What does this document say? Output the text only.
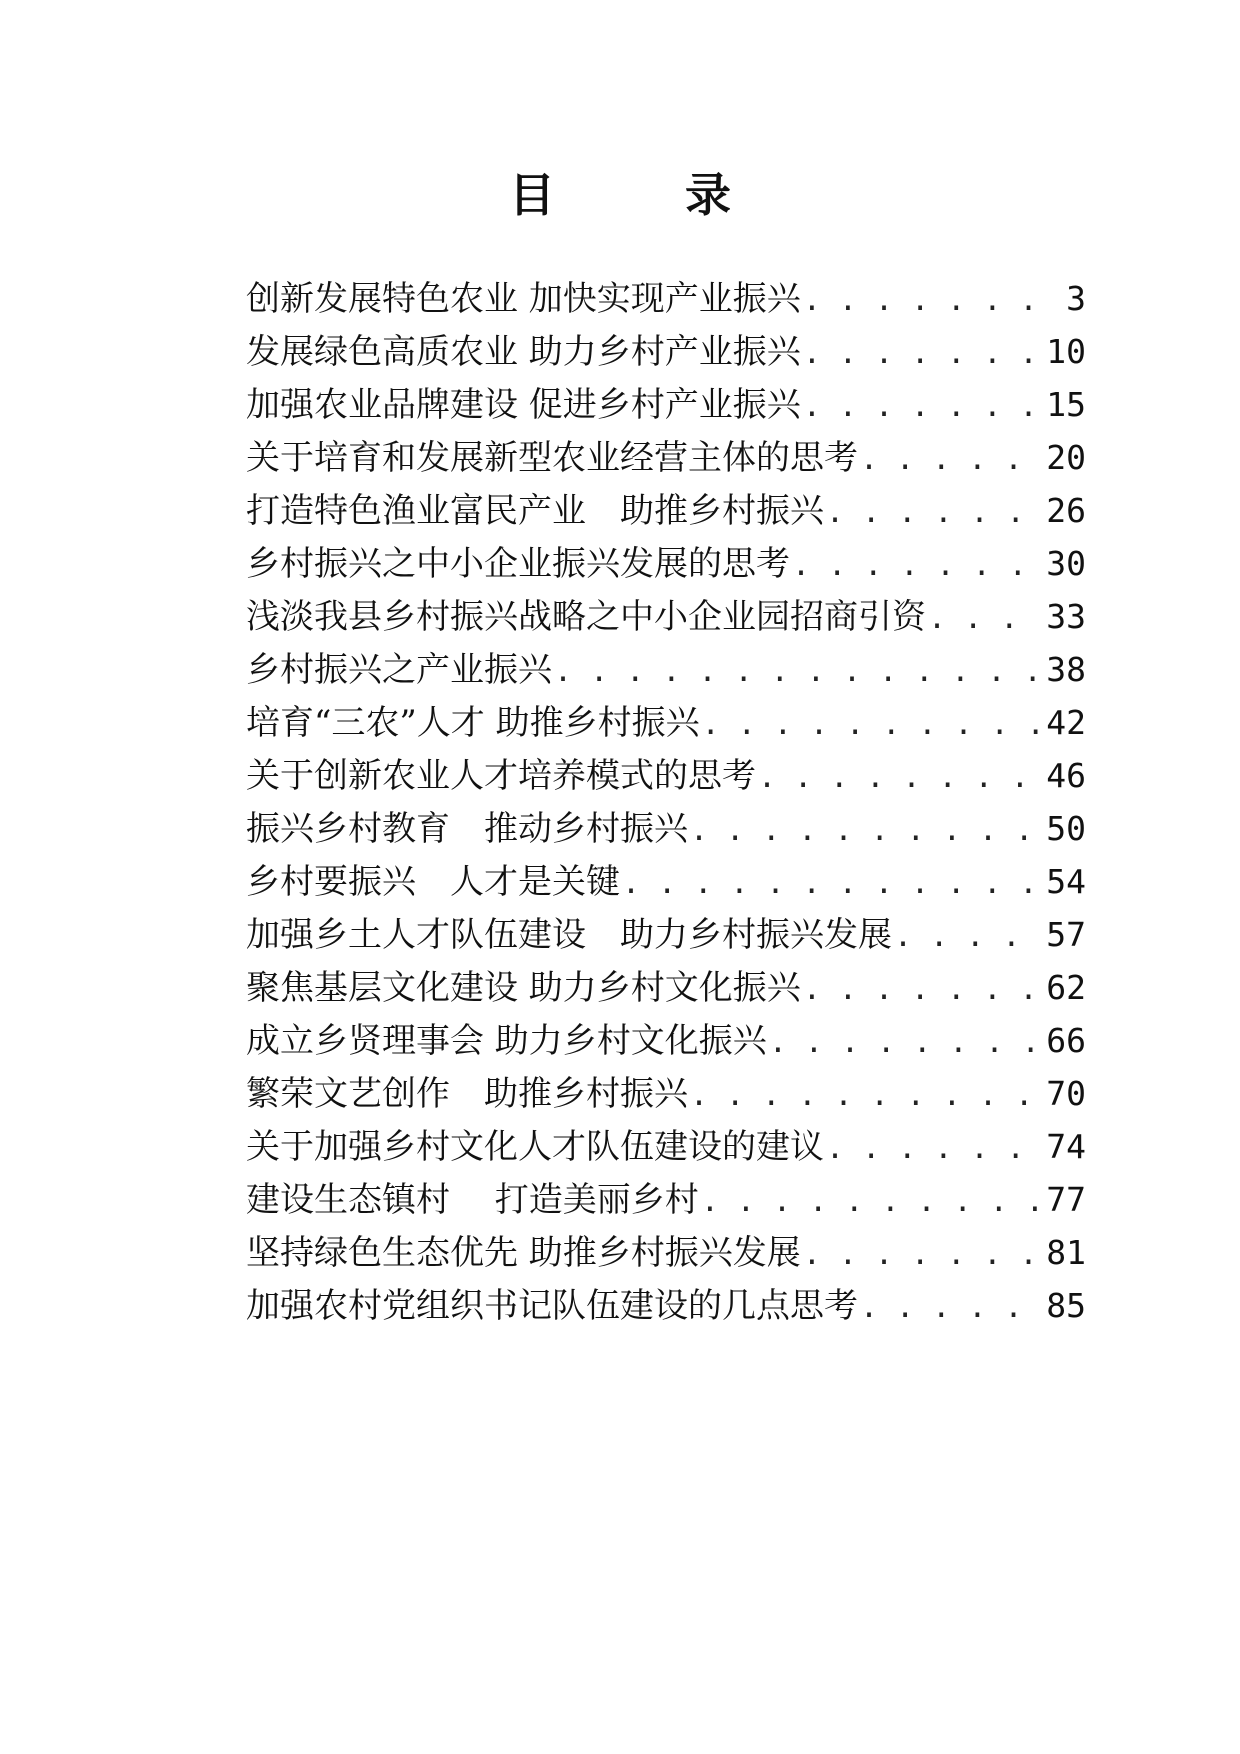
目　录
创新发展特色农业 加快实现产业振兴 . . .	3
发展绿色高质农业 助力乡村产业振兴 . . .	10
加强农业品牌建设 促进乡村产业振兴 . . .	15
关于培育和发展新型农业经营主体的思考 . . .	20
打造特色渔业富民产业　助推乡村振兴 . . .	26
乡村振兴之中小企业振兴发展的思考 . . .	30
浅淡我县乡村振兴战略之中小企业园招商引资 . . .	33
乡村振兴之产业振兴 . . .	38
培育“三农”人才 助推乡村振兴 . . .	42
关于创新农业人才培养模式的思考 . . .	46
振兴乡村教育　推动乡村振兴 . . .	50
乡村要振兴　人才是关键 . . .	54
加强乡土人才队伍建设　助力乡村振兴发展 . . .	57
聚焦基层文化建设 助力乡村文化振兴 . . .	62
成立乡贤理事会 助力乡村文化振兴 . . .	66
繁荣文艺创作　助推乡村振兴 . . .	70
关于加强乡村文化人才队伍建设的建议 . . .	74
建设生态镇村　 打造美丽乡村 . . .	77
坚持绿色生态优先 助推乡村振兴发展 . . .	81
加强农村党组织书记队伍建设的几点思考 . . .	85
